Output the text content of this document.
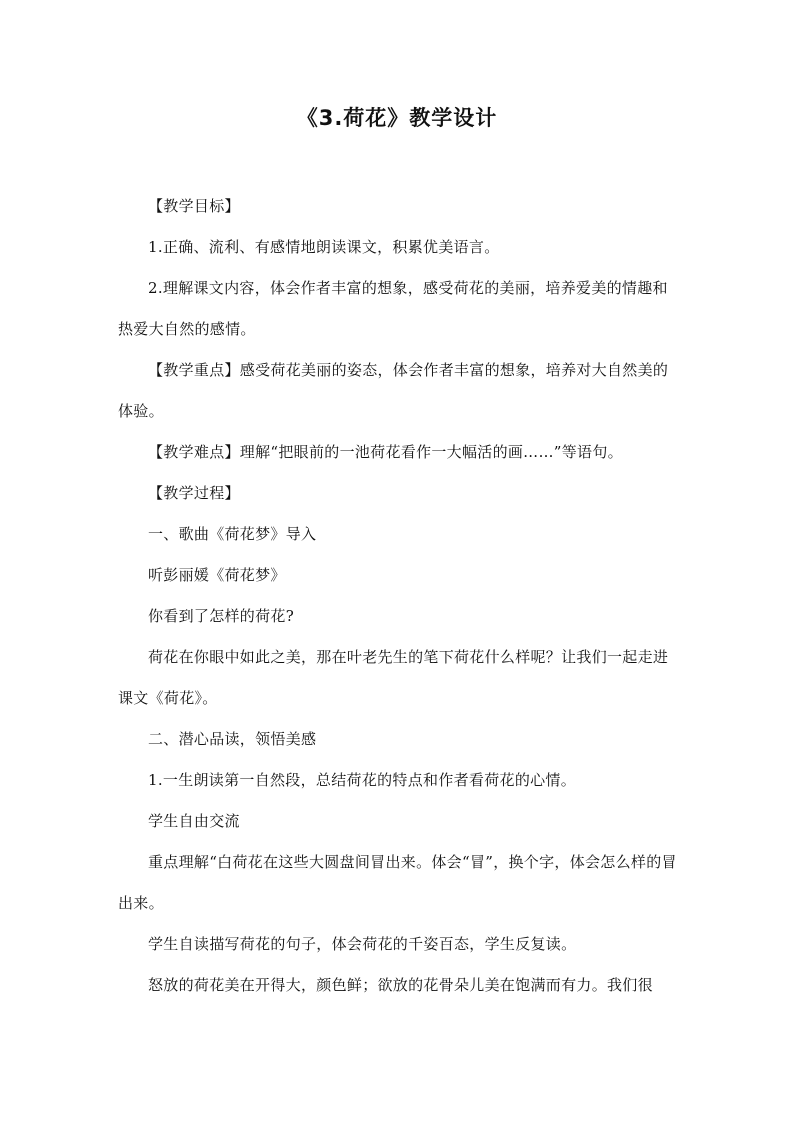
《3.荷花》教学设计

【教学目标】

1.正确、流利、有感情地朗读课文，积累优美语言。

2.理解课文内容，体会作者丰富的想象，感受荷花的美丽，培养爱美的情趣和热爱大自然的感情。

【教学重点】感受荷花美丽的姿态，体会作者丰富的想象，培养对大自然美的体验。

【教学难点】理解“把眼前的一池荷花看作一大幅活的画……”等语句。

【教学过程】

一、歌曲《荷花梦》导入

听彭丽媛《荷花梦》

你看到了怎样的荷花?

荷花在你眼中如此之美，那在叶老先生的笔下荷花什么样呢？让我们一起走进课文《荷花》。

二、潜心品读，领悟美感

1.一生朗读第一自然段，总结荷花的特点和作者看荷花的心情。

学生自由交流

重点理解“白荷花在这些大圆盘间冒出来。体会“冒”，换个字，体会怎么样的冒出来。

学生自读描写荷花的句子，体会荷花的千姿百态，学生反复读。

怒放的荷花美在开得大，颜色鲜；欲放的花骨朵儿美在饱满而有力。我们很
